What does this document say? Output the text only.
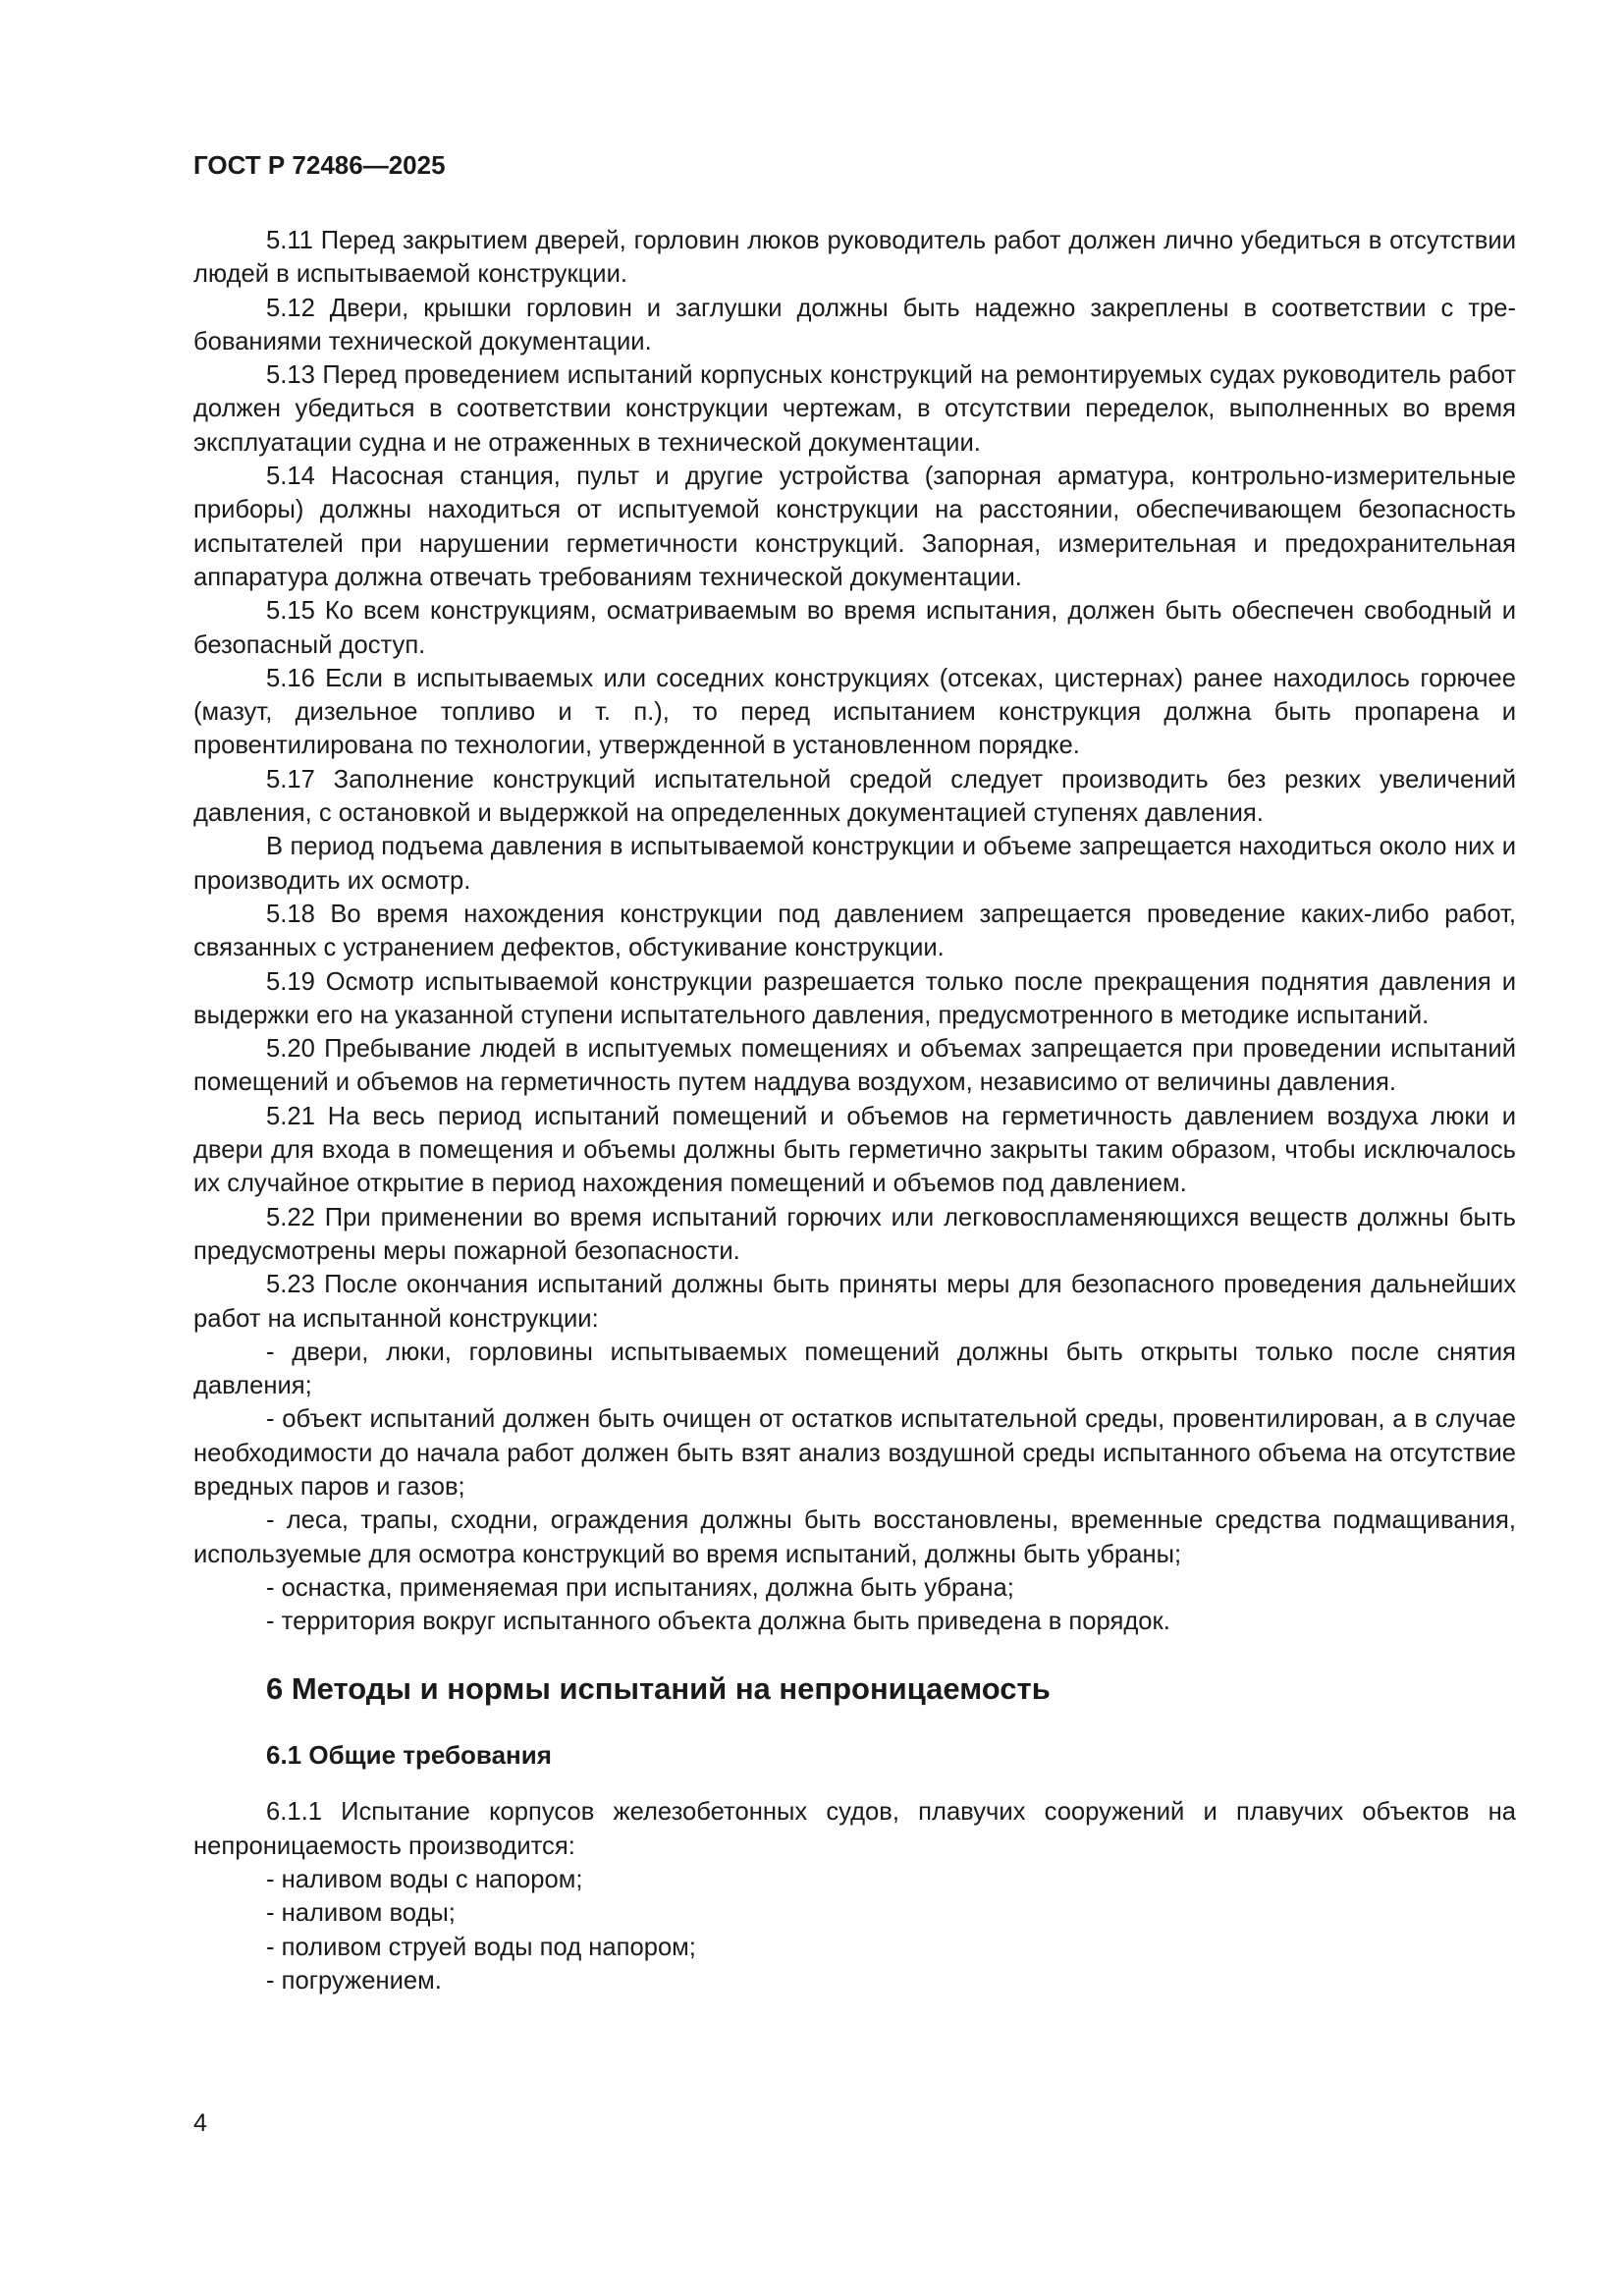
ГОСТ Р 72486—2025

5.11 Перед закрытием дверей, горловин люков руководитель работ должен лично убедиться в отсутствии людей в испытываемой конструкции.

5.12 Двери, крышки горловин и заглушки должны быть надежно закреплены в соответствии с требованиями технической документации.

5.13 Перед проведением испытаний корпусных конструкций на ремонтируемых судах руководитель работ должен убедиться в соответствии конструкции чертежам, в отсутствии переделок, выполненных во время эксплуатации судна и не отраженных в технической документации.

5.14 Насосная станция, пульт и другие устройства (запорная арматура, контрольно-измерительные приборы) должны находиться от испытуемой конструкции на расстоянии, обеспечивающем безопасность испытателей при нарушении герметичности конструкций. Запорная, измерительная и предохранительная аппаратура должна отвечать требованиям технической документации.

5.15 Ко всем конструкциям, осматриваемым во время испытания, должен быть обеспечен свободный и безопасный доступ.

5.16 Если в испытываемых или соседних конструкциях (отсеках, цистернах) ранее находилось горючее (мазут, дизельное топливо и т. п.), то перед испытанием конструкция должна быть пропарена и провентилирована по технологии, утвержденной в установленном порядке.

5.17 Заполнение конструкций испытательной средой следует производить без резких увеличений давления, с остановкой и выдержкой на определенных документацией ступенях давления.

В период подъема давления в испытываемой конструкции и объеме запрещается находиться около них и производить их осмотр.

5.18 Во время нахождения конструкции под давлением запрещается проведение каких-либо работ, связанных с устранением дефектов, обстукивание конструкции.

5.19 Осмотр испытываемой конструкции разрешается только после прекращения поднятия давления и выдержки его на указанной ступени испытательного давления, предусмотренного в методике испытаний.

5.20 Пребывание людей в испытуемых помещениях и объемах запрещается при проведении испытаний помещений и объемов на герметичность путем наддува воздухом, независимо от величины давления.

5.21 На весь период испытаний помещений и объемов на герметичность давлением воздуха люки и двери для входа в помещения и объемы должны быть герметично закрыты таким образом, чтобы исключалось их случайное открытие в период нахождения помещений и объемов под давлением.

5.22 При применении во время испытаний горючих или легковоспламеняющихся веществ должны быть предусмотрены меры пожарной безопасности.

5.23 После окончания испытаний должны быть приняты меры для безопасного проведения дальнейших работ на испытанной конструкции:

- двери, люки, горловины испытываемых помещений должны быть открыты только после снятия давления;

- объект испытаний должен быть очищен от остатков испытательной среды, провентилирован, а в случае необходимости до начала работ должен быть взят анализ воздушной среды испытанного объема на отсутствие вредных паров и газов;

- леса, трапы, сходни, ограждения должны быть восстановлены, временные средства подмащивания, используемые для осмотра конструкций во время испытаний, должны быть убраны;

- оснастка, применяемая при испытаниях, должна быть убрана;

- территория вокруг испытанного объекта должна быть приведена в порядок.

6 Методы и нормы испытаний на непроницаемость
6.1 Общие требования

6.1.1 Испытание корпусов железобетонных судов, плавучих сооружений и плавучих объектов на непроницаемость производится:

- наливом воды с напором;

- наливом воды;

- поливом струей воды под напором;

- погружением.

4
